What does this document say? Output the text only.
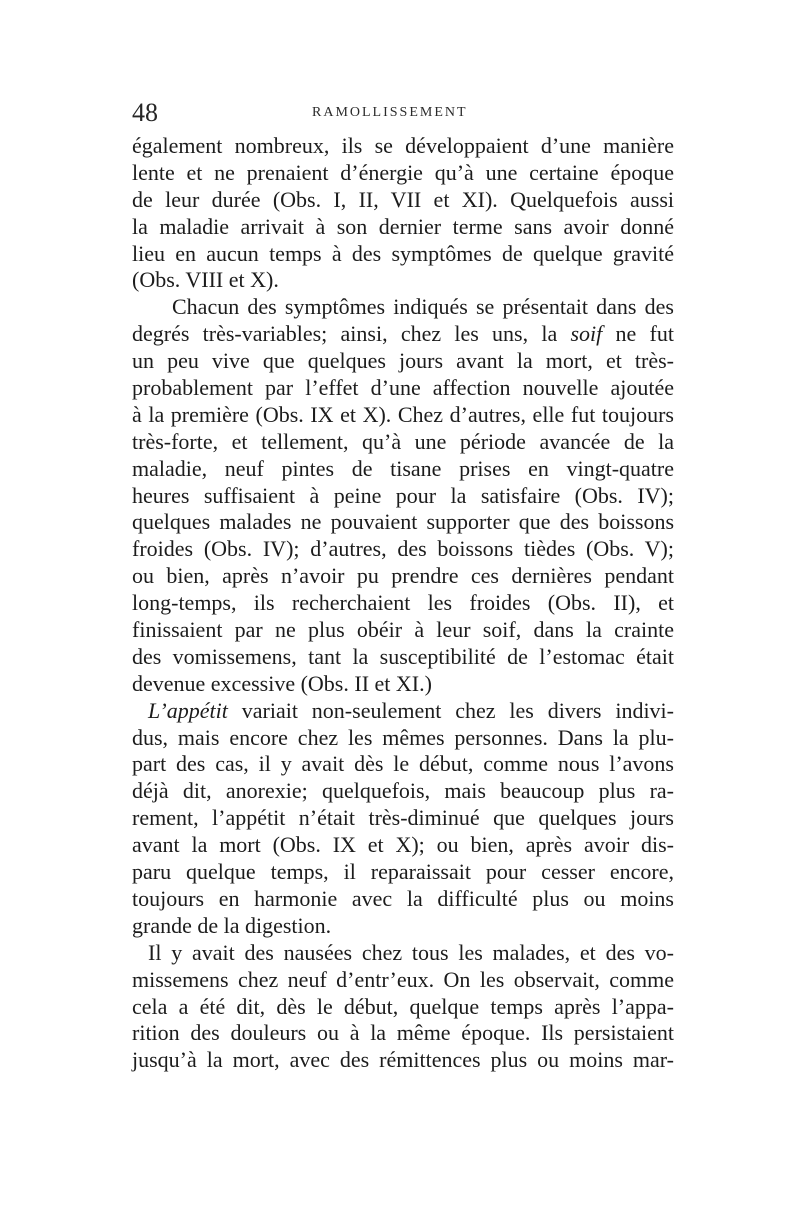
48	RAMOLLISSEMENT
également nombreux, ils se développaient d’une manière
lente et ne prenaient d’énergie qu’à une certaine époque
de leur durée (Obs. I, II, VII et XI). Quelquefois aussi
la maladie arrivait à son dernier terme sans avoir donné
lieu en aucun temps à des symptômes de quelque gravité
(Obs. VIII et X).
Chacun des symptômes indiqués se présentait dans des
degrés très-variables; ainsi, chez les uns, la soif ne fut
un peu vive que quelques jours avant la mort, et très-
probablement par l’effet d’une affection nouvelle ajoutée
à la première (Obs. IX et X). Chez d’autres, elle fut toujours
très-forte, et tellement, qu’à une période avancée de la
maladie, neuf pintes de tisane prises en vingt-quatre
heures suffisaient à peine pour la satisfaire (Obs. IV);
quelques malades ne pouvaient supporter que des boissons
froides (Obs. IV); d’autres, des boissons tièdes (Obs. V);
ou bien, après n’avoir pu prendre ces dernières pendant
long-temps, ils recherchaient les froides (Obs. II), et
finissaient par ne plus obéir à leur soif, dans la crainte
des vomissemens, tant la susceptibilité de l’estomac était
devenue excessive (Obs. II et XI.)
L’appétit variait non-seulement chez les divers indivi-
dus, mais encore chez les mêmes personnes. Dans la plu-
part des cas, il y avait dès le début, comme nous l’avons
déjà dit, anorexie; quelquefois, mais beaucoup plus ra-
rement, l’appétit n’était très-diminué que quelques jours
avant la mort (Obs. IX et X); ou bien, après avoir dis-
paru quelque temps, il reparaissait pour cesser encore,
toujours en harmonie avec la difficulté plus ou moins
grande de la digestion.
Il y avait des nausées chez tous les malades, et des vo-
missemens chez neuf d’entr’eux. On les observait, comme
cela a été dit, dès le début, quelque temps après l’appa-
rition des douleurs ou à la même époque. Ils persistaient
jusqu’à la mort, avec des rémittences plus ou moins mar-
